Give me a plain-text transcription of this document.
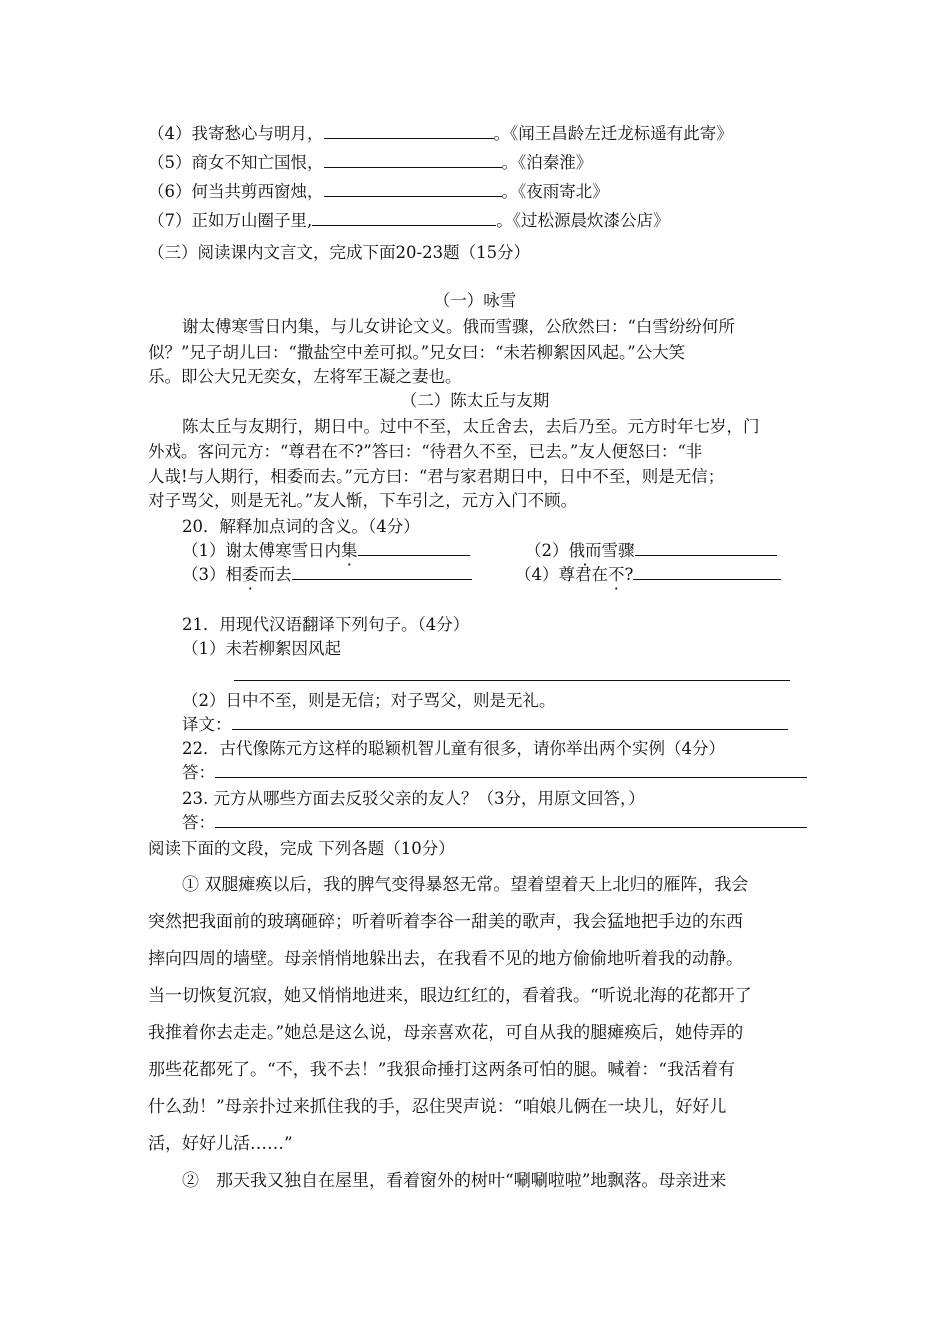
（4）我寄愁心与明月，	。《闻王昌龄左迁龙标遥有此寄》
（5）商女不知亡国恨，	。《泊秦淮》
（6）何当共剪西窗烛，	。《夜雨寄北》
（7）正如万山圈子里,	。《过松源晨炊漆公店》
（三）阅读课内文言文，完成下面20-23题（15分）
（一）咏雪
谢太傅寒雪日内集，与儿女讲论文义。俄而雪骤，公欣然曰：“白雪纷纷何所
似？”兄子胡儿曰：“撒盐空中差可拟。”兄女曰：“未若柳絮因风起。”公大笑
乐。即公大兄无奕女，左将军王凝之妻也。
（二）陈太丘与友期
陈太丘与友期行，期日中。过中不至，太丘舍去，去后乃至。元方时年七岁，门
外戏。客问元方：“尊君在不?”答曰：“待君久不至，已去。”友人便怒曰：“非
人哉!与人期行，相委而去。”元方曰：“君与家君期日中，日中不至，则是无信；
对子骂父，则是无礼。”友人惭，下车引之，元方入门不顾。
20．解释加点词的含义。（4分）
（1）谢太傅寒雪日内集	（2）俄而雪骤
（3）相委而去	（4）尊君在不?
21．用现代汉语翻译下列句子。（4分）
（1）未若柳絮因风起
（2）日中不至，则是无信；对子骂父，则是无礼。
译文：
22．古代像陈元方这样的聪颖机智儿童有很多，请你举出两个实例（4分）
答：
23. 元方从哪些方面去反驳父亲的友人？（3分，用原文回答，）
答：
阅读下面的文段，完成 下列各题（10分）
① 双腿瘫痪以后，我的脾气变得暴怒无常。望着望着天上北归的雁阵，我会
突然把我面前的玻璃砸碎；听着听着李谷一甜美的歌声，我会猛地把手边的东西
摔向四周的墙壁。母亲悄悄地躲出去，在我看不见的地方偷偷地听着我的动静。
当一切恢复沉寂，她又悄悄地进来，眼边红红的，看着我。“听说北海的花都开了
我推着你去走走。”她总是这么说，母亲喜欢花，可自从我的腿瘫痪后，她侍弄的
那些花都死了。“不，我不去！”我狠命捶打这两条可怕的腿。喊着：“我活着有
什么劲！”母亲扑过来抓住我的手，忍住哭声说：“咱娘儿俩在一块儿，好好儿
活，好好儿活……”
②　那天我又独自在屋里，看着窗外的树叶“唰唰啦啦”地飘落。母亲进来
